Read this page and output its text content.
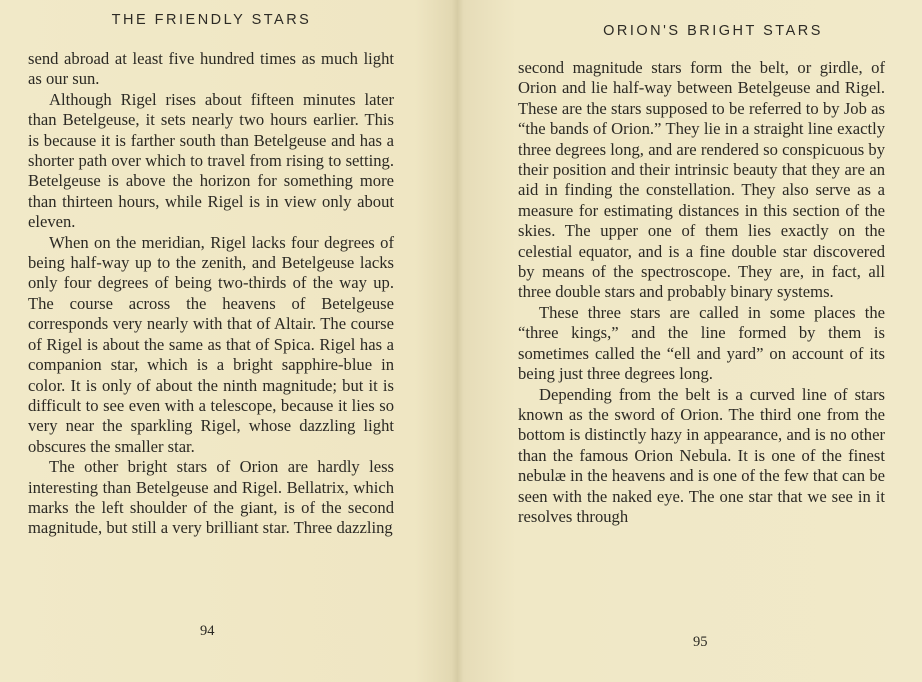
THE FRIENDLY STARS

send abroad at least five hundred times as much light as our sun.

Although Rigel rises about fifteen minutes later than Betelgeuse, it sets nearly two hours earlier. This is because it is farther south than Betelgeuse and has a shorter path over which to travel from rising to setting. Betelgeuse is above the horizon for something more than thirteen hours, while Rigel is in view only about eleven.

When on the meridian, Rigel lacks four degrees of being half-way up to the zenith, and Betelgeuse lacks only four degrees of being two-thirds of the way up. The course across the heavens of Betelgeuse corresponds very nearly with that of Altair. The course of Rigel is about the same as that of Spica. Rigel has a companion star, which is a bright sapphire-blue in color. It is only of about the ninth magnitude; but it is difficult to see even with a telescope, because it lies so very near the sparkling Rigel, whose dazzling light obscures the smaller star.

The other bright stars of Orion are hardly less interesting than Betelgeuse and Rigel. Bellatrix, which marks the left shoulder of the giant, is of the second magnitude, but still a very brilliant star. Three dazzling

94
ORION'S BRIGHT STARS

second magnitude stars form the belt, or girdle, of Orion and lie half-way between Betelgeuse and Rigel. These are the stars supposed to be referred to by Job as “the bands of Orion.” They lie in a straight line exactly three degrees long, and are rendered so conspicuous by their position and their intrinsic beauty that they are an aid in finding the constellation. They also serve as a measure for estimating distances in this section of the skies. The upper one of them lies exactly on the celestial equator, and is a fine double star discovered by means of the spectroscope. They are, in fact, all three double stars and probably binary systems.

These three stars are called in some places the “three kings,” and the line formed by them is sometimes called the “ell and yard” on account of its being just three degrees long.

Depending from the belt is a curved line of stars known as the sword of Orion. The third one from the bottom is distinctly hazy in appearance, and is no other than the famous Orion Nebula. It is one of the finest nebulæ in the heavens and is one of the few that can be seen with the naked eye. The one star that we see in it resolves through

95
